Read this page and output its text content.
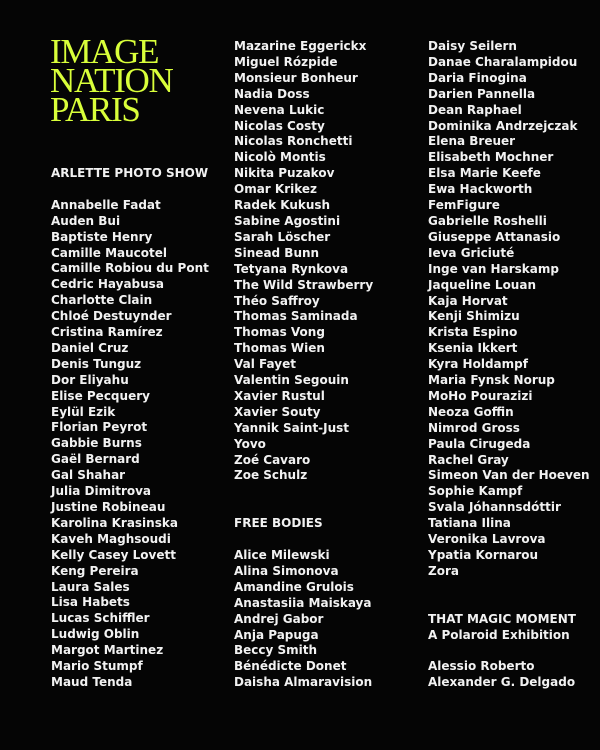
IMAGE
NATION
PARIS
ARLETTE PHOTO SHOW
Annabelle Fadat
Auden Bui
Baptiste Henry
Camille Maucotel
Camille Robiou du Pont
Cedric Hayabusa
Charlotte Clain
Chloé Destuynder
Cristina Ramírez
Daniel Cruz
Denis Tunguz
Dor Eliyahu
Elise Pecquery
Eylül Ezik
Florian Peyrot
Gabbie Burns
Gaël Bernard
Gal Shahar
Julia Dimitrova
Justine Robineau
Karolina Krasinska
Kaveh Maghsoudi
Kelly Casey Lovett
Keng Pereira
Laura Sales
Lisa Habets
Lucas Schiffler
Ludwig Oblin
Margot Martinez
Mario Stumpf
Maud Tenda
Mazarine Eggerickx
Miguel Rózpide
Monsieur Bonheur
Nadia Doss
Nevena Lukic
Nicolas Costy
Nicolas Ronchetti
Nicolò Montis
Nikita Puzakov
Omar Krikez
Radek Kukush
Sabine Agostini
Sarah Löscher
Sinead Bunn
Tetyana Rynkova
The Wild Strawberry
Théo Saffroy
Thomas Saminada
Thomas Vong
Thomas Wien
Val Fayet
Valentin Segouin
Xavier Rustul
Xavier Souty
Yannik Saint-Just
Yovo
Zoé Cavaro
Zoe Schulz
FREE BODIES
Alice Milewski
Alina Simonova
Amandine Grulois
Anastasiia Maiskaya
Andrej Gabor
Anja Papuga
Beccy Smith
Bénédicte Donet
Daisha Almaravision
Daisy Seilern
Danae Charalampidou
Daria Finogina
Darien Pannella
Dean Raphael
Dominika Andrzejczak
Elena Breuer
Elisabeth Mochner
Elsa Marie Keefe
Ewa Hackworth
FemFigure
Gabrielle Roshelli
Giuseppe Attanasio
Ieva Griciuté
Inge van Harskamp
Jaqueline Louan
Kaja Horvat
Kenji Shimizu
Krista Espino
Ksenia Ikkert
Kyra Holdampf
Maria Fynsk Norup
MoHo Pourazizi
Neoza Goffin
Nimrod Gross
Paula Cirugeda
Rachel Gray
Simeon Van der Hoeven
Sophie Kampf
Svala Jóhannsdóttir
Tatiana Ilina
Veronika Lavrova
Ypatia Kornarou
Zora
THAT MAGIC MOMENT
A Polaroid Exhibition
Alessio Roberto
Alexander G. Delgado
